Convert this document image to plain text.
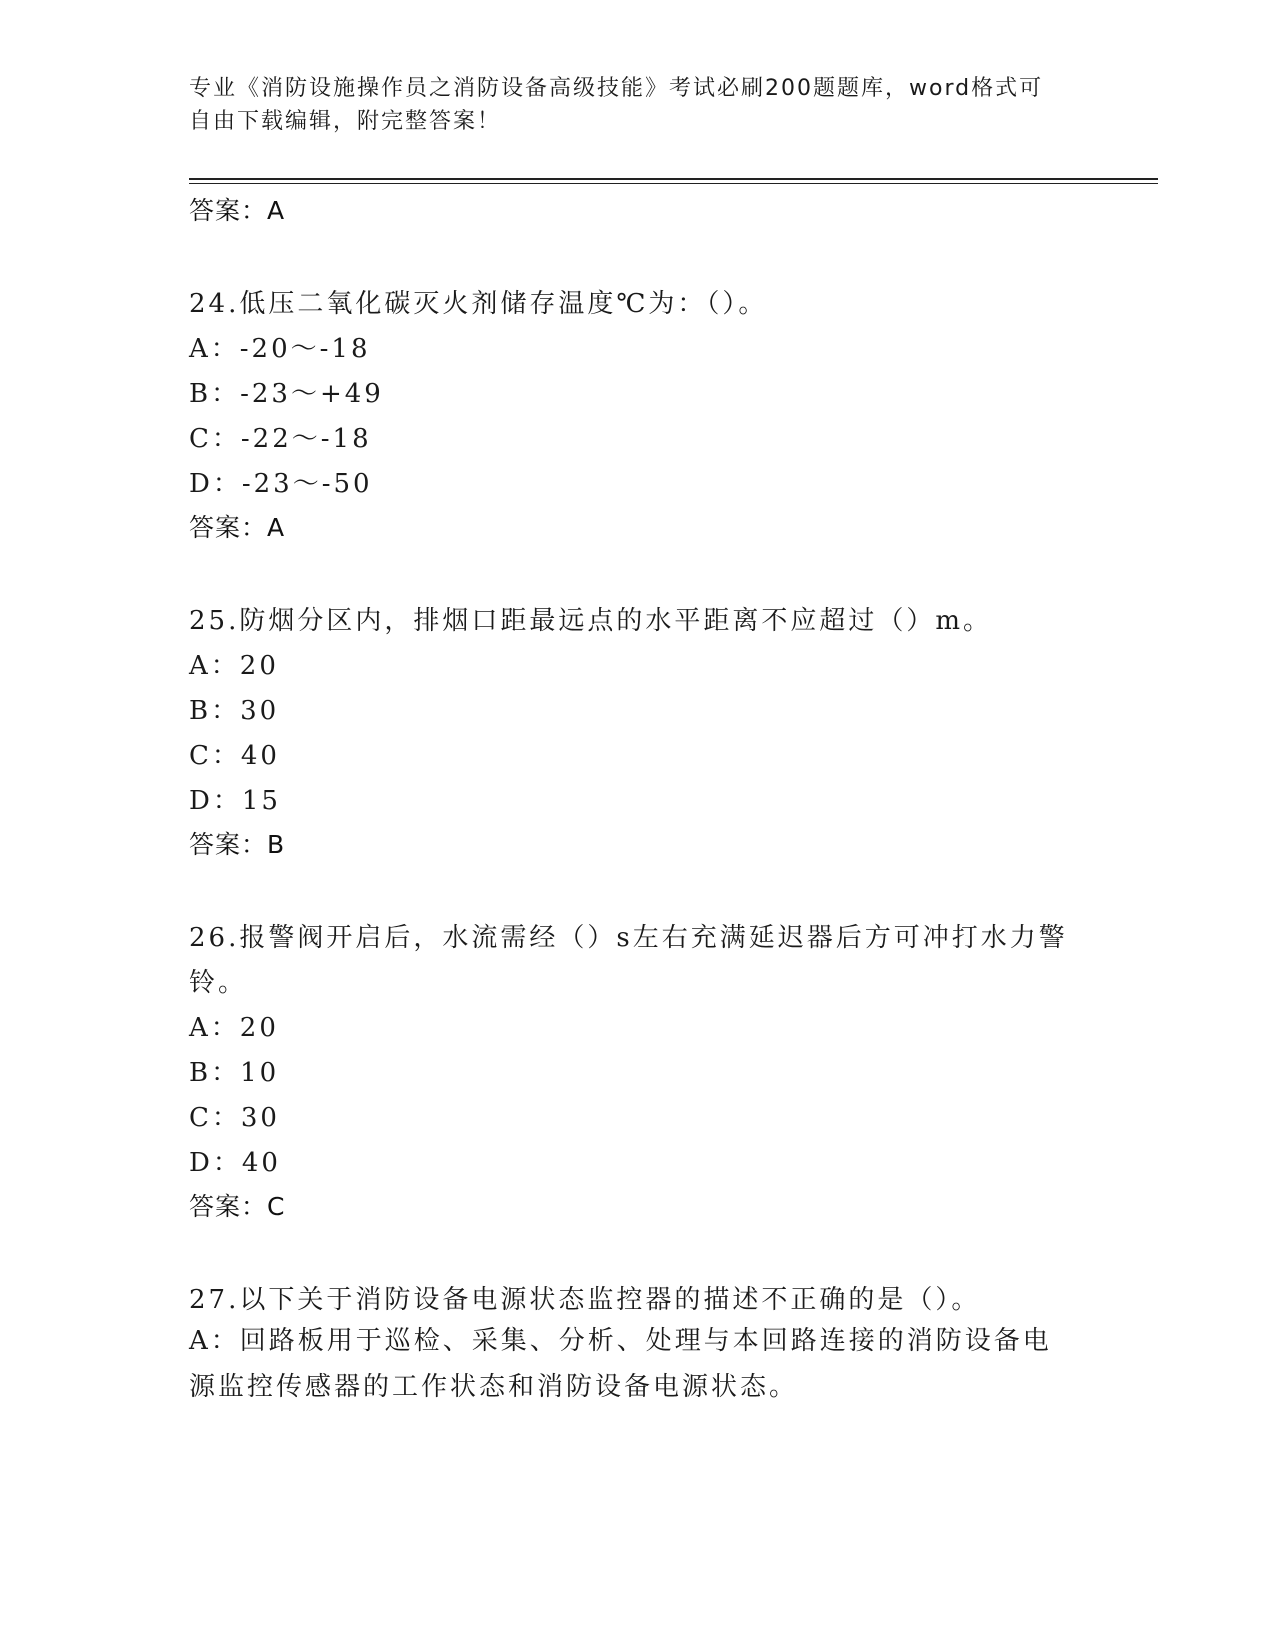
专业《消防设施操作员之消防设备高级技能》考试必刷200题题库，word格式可
自由下载编辑，附完整答案！
答案：A
24.低压二氧化碳灭火剂储存温度℃为：（）。
A：-20～-18
B：-23～+49
C：-22～-18
D：-23～-50
答案：A
25.防烟分区内，排烟口距最远点的水平距离不应超过（）m。
A：20
B：30
C：40
D：15
答案：B
26.报警阀开启后，水流需经（）s左右充满延迟器后方可冲打水力警
铃。
A：20
B：10
C：30
D：40
答案：C
27.以下关于消防设备电源状态监控器的描述不正确的是（）。
A：回路板用于巡检、采集、分析、处理与本回路连接的消防设备电源监控传感器的工作状态和消防设备电源状态。
